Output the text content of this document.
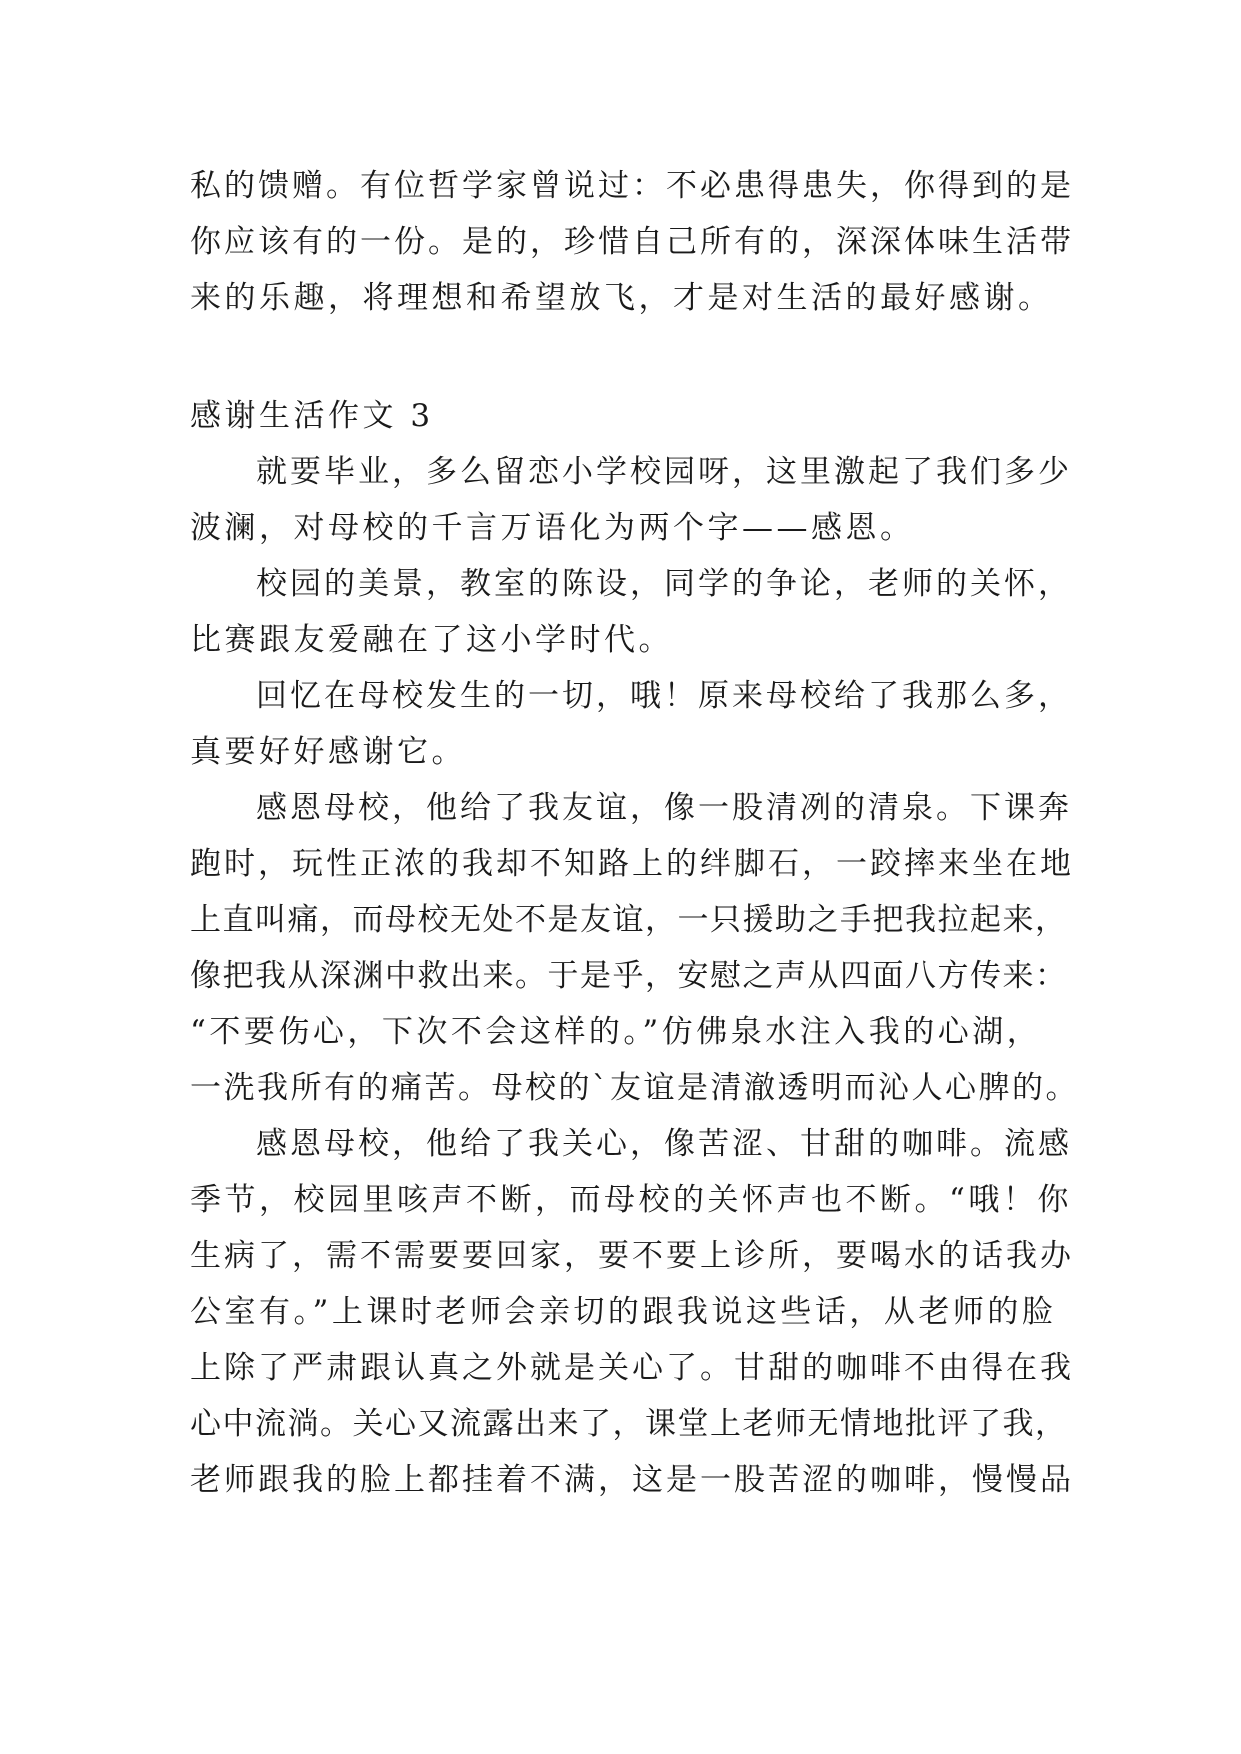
私的馈赠。有位哲学家曾说过：不必患得患失，你得到的是
你应该有的一份。是的，珍惜自己所有的，深深体味生活带
来的乐趣，将理想和希望放飞，才是对生活的最好感谢。
感谢生活作文 3
就要毕业，多么留恋小学校园呀，这里激起了我们多少
波澜，对母校的千言万语化为两个字——感恩。
校园的美景，教室的陈设，同学的争论，老师的关怀，
比赛跟友爱融在了这小学时代。
回忆在母校发生的一切，哦！原来母校给了我那么多，
真要好好感谢它。
感恩母校，他给了我友谊，像一股清冽的清泉。下课奔
跑时，玩性正浓的我却不知路上的绊脚石，一跤摔来坐在地
上直叫痛，而母校无处不是友谊，一只援助之手把我拉起来，
像把我从深渊中救出来。于是乎，安慰之声从四面八方传来：
“不要伤心，下次不会这样的。”仿佛泉水注入我的心湖，
一洗我所有的痛苦。母校的`友谊是清澈透明而沁人心脾的。
感恩母校，他给了我关心，像苦涩、甘甜的咖啡。流感
季节，校园里咳声不断，而母校的关怀声也不断。“哦！你
生病了，需不需要要回家，要不要上诊所，要喝水的话我办
公室有。”上课时老师会亲切的跟我说这些话，从老师的脸
上除了严肃跟认真之外就是关心了。甘甜的咖啡不由得在我
心中流淌。关心又流露出来了，课堂上老师无情地批评了我，
老师跟我的脸上都挂着不满，这是一股苦涩的咖啡，慢慢品
